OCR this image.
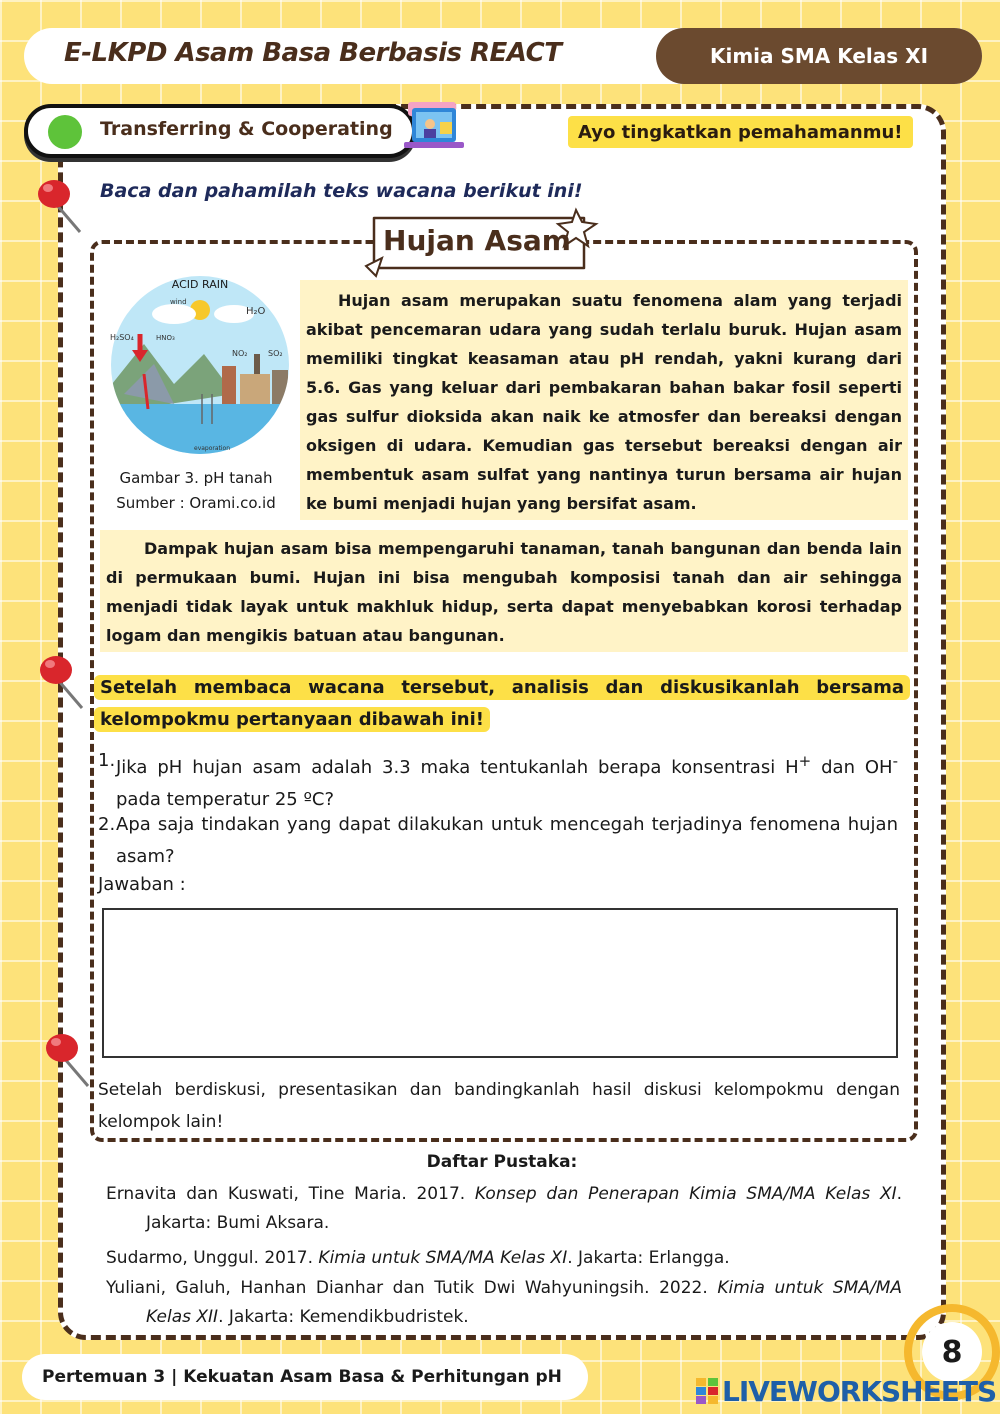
E-LKPD Asam Basa Berbasis REACT	Kimia SMA Kelas XI
Transferring & Cooperating	Ayo tingkatkan pemahamanmu!
Baca dan pahamilah teks wacana berikut ini!
Hujan Asam
ACID RAIN
wind
H₂O
H₂SO₄	HNO₃
NO₂	SO₂
evaporation
Gambar 3. pH tanah
Sumber : Orami.co.id
Hujan asam merupakan suatu fenomena alam yang terjadi akibat pencemaran udara yang sudah terlalu buruk. Hujan asam memiliki tingkat keasaman atau pH rendah, yakni kurang dari 5.6. Gas yang keluar dari pembakaran bahan bakar fosil seperti gas sulfur dioksida akan naik ke atmosfer dan bereaksi dengan oksigen di udara. Kemudian gas tersebut bereaksi dengan air membentuk asam sulfat yang nantinya turun bersama air hujan ke bumi menjadi hujan yang bersifat asam.
Dampak hujan asam bisa mempengaruhi tanaman, tanah bangunan dan benda lain di permukaan bumi. Hujan ini bisa mengubah komposisi tanah dan air sehingga menjadi tidak layak untuk makhluk hidup, serta dapat menyebabkan korosi terhadap logam dan mengikis batuan atau bangunan.
Setelah membaca wacana tersebut, analisis dan diskusikanlah bersama kelompokmu pertanyaan dibawah ini!
1. Jika pH hujan asam adalah 3.3 maka tentukanlah berapa konsentrasi H+ dan OH- pada temperatur 25 ºC?
2. Apa saja tindakan yang dapat dilakukan untuk mencegah terjadinya fenomena hujan asam?
Jawaban :
Setelah berdiskusi, presentasikan dan bandingkanlah hasil diskusi kelompokmu dengan kelompok lain!
Daftar Pustaka:
Ernavita dan Kuswati, Tine Maria. 2017. Konsep dan Penerapan Kimia SMA/MA Kelas XI. Jakarta: Bumi Aksara.
Sudarmo, Unggul. 2017. Kimia untuk SMA/MA Kelas XI. Jakarta: Erlangga.
Yuliani, Galuh, Hanhan Dianhar dan Tutik Dwi Wahyuningsih. 2022. Kimia untuk SMA/MA Kelas XII. Jakarta: Kemendikbudristek.
Pertemuan 3 | Kekuatan Asam Basa & Perhitungan pH
8
LIVEWORKSHEETS
